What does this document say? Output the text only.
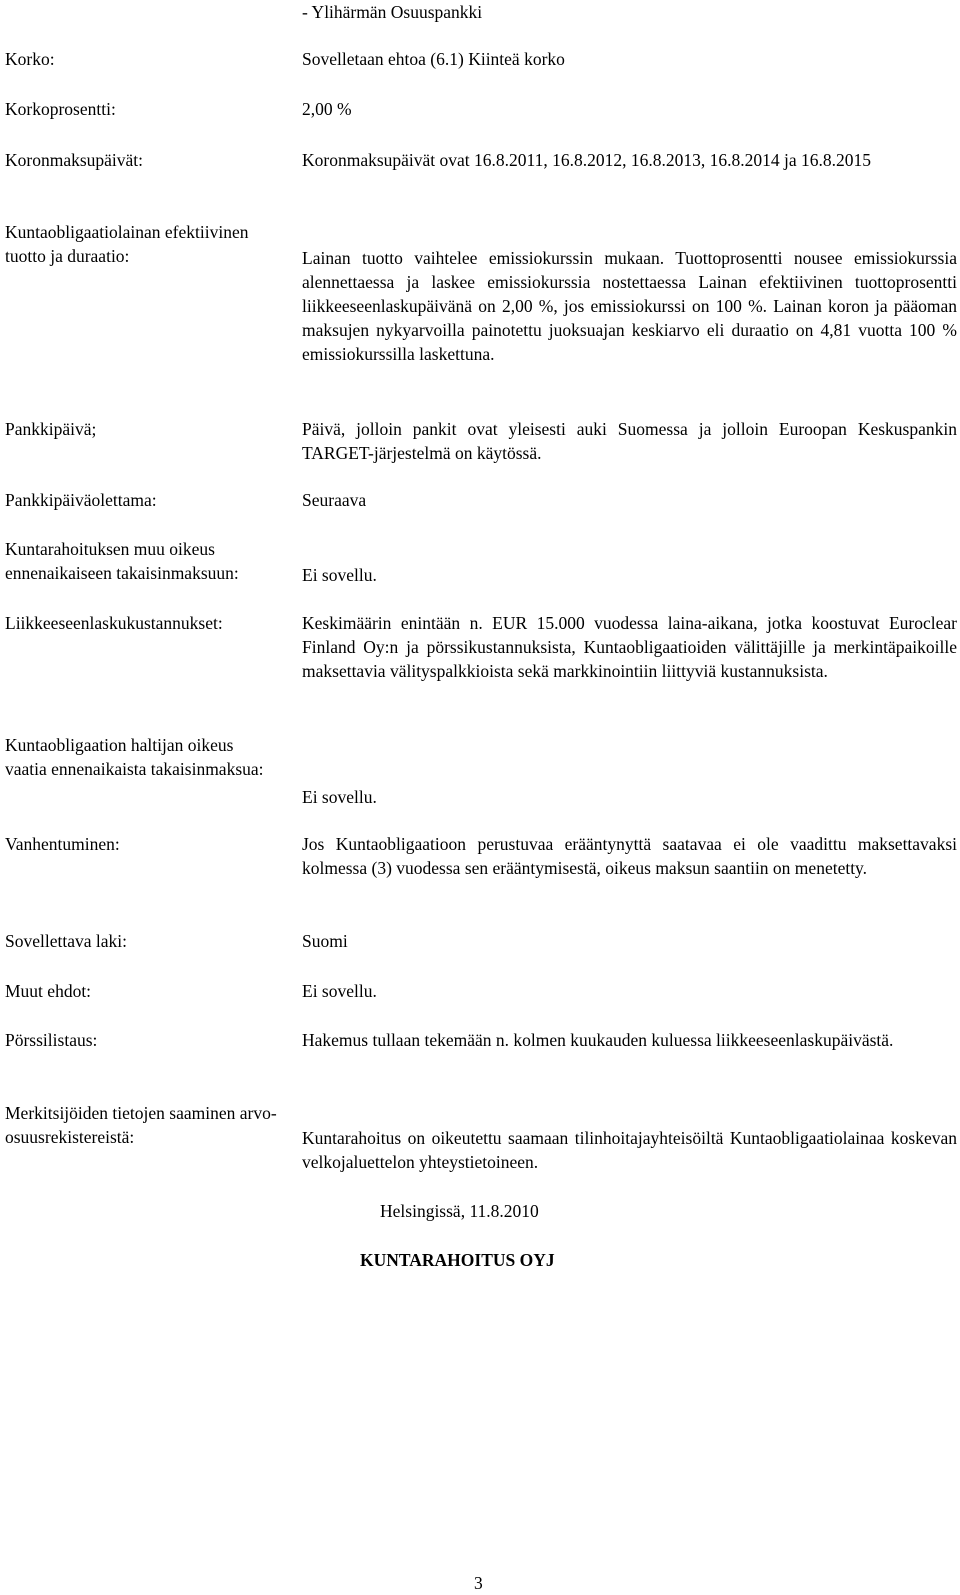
- Ylihärmän Osuuspankki
Korko:	Sovelletaan ehtoa (6.1) Kiinteä korko
Korkoprosentti:	2,00 %
Koronmaksupäivät:	Koronmaksupäivät ovat 16.8.2011, 16.8.2012, 16.8.2013, 16.8.2014 ja 16.8.2015
Kuntaobligaatiolainan efektiivinen tuotto ja duraatio:	Lainan tuotto vaihtelee emissiokurssin mukaan. Tuottoprosentti nousee emissiokurssia alennettaessa ja laskee emissiokurssia nostettaessa Lainan efektiivinen tuottoprosentti liikkeeseenlaskupäivänä on 2,00 %, jos emissiokurssi on 100 %. Lainan koron ja pääoman maksujen nykyarvoilla painotettu juoksuajan keskiarvo eli duraatio on 4,81 vuotta 100 % emissiokurssilla laskettuna.
Pankkipäivä;	Päivä, jolloin pankit ovat yleisesti auki Suomessa ja jolloin Euroopan Keskuspankin TARGET-järjestelmä on käytössä.
Pankkipäiväolettama:	Seuraava
Kuntarahoituksen muu oikeus ennenaikaiseen takaisinmaksuun:	Ei sovellu.
Liikkeeseenlaskukustannukset:	Keskimäärin enintään n. EUR 15.000 vuodessa laina-aikana, jotka koostuvat Euroclear Finland Oy:n ja pörssikustannuksista, Kuntaobligaatioiden välittäjille ja merkintäpaikoille maksettavia välityspalkkioista sekä markkinointiin liittyviä kustannuksista.
Kuntaobligaation haltijan oikeus vaatia ennenaikaista takaisinmaksua:
Ei sovellu.
Vanhentuminen:	Jos Kuntaobligaatioon perustuvaa erääntynyttä saatavaa ei ole vaadittu maksettavaksi kolmessa (3) vuodessa sen erääntymisestä, oikeus maksun saantiin on menetetty.
Sovellettava laki:	Suomi
Muut ehdot:	Ei sovellu.
Pörssilistaus:	Hakemus tullaan tekemään n. kolmen kuukauden kuluessa liikkeeseenlaskupäivästä.
Merkitsijöiden tietojen saaminen arvo-osuusrekistereistä:	Kuntarahoitus on oikeutettu saamaan tilinhoitajayhteisöiltä Kuntaobligaatiolainaa koskevan velkojaluettelon yhteystietoineen.
Helsingissä, 11.8.2010
KUNTARAHOITUS OYJ
3
